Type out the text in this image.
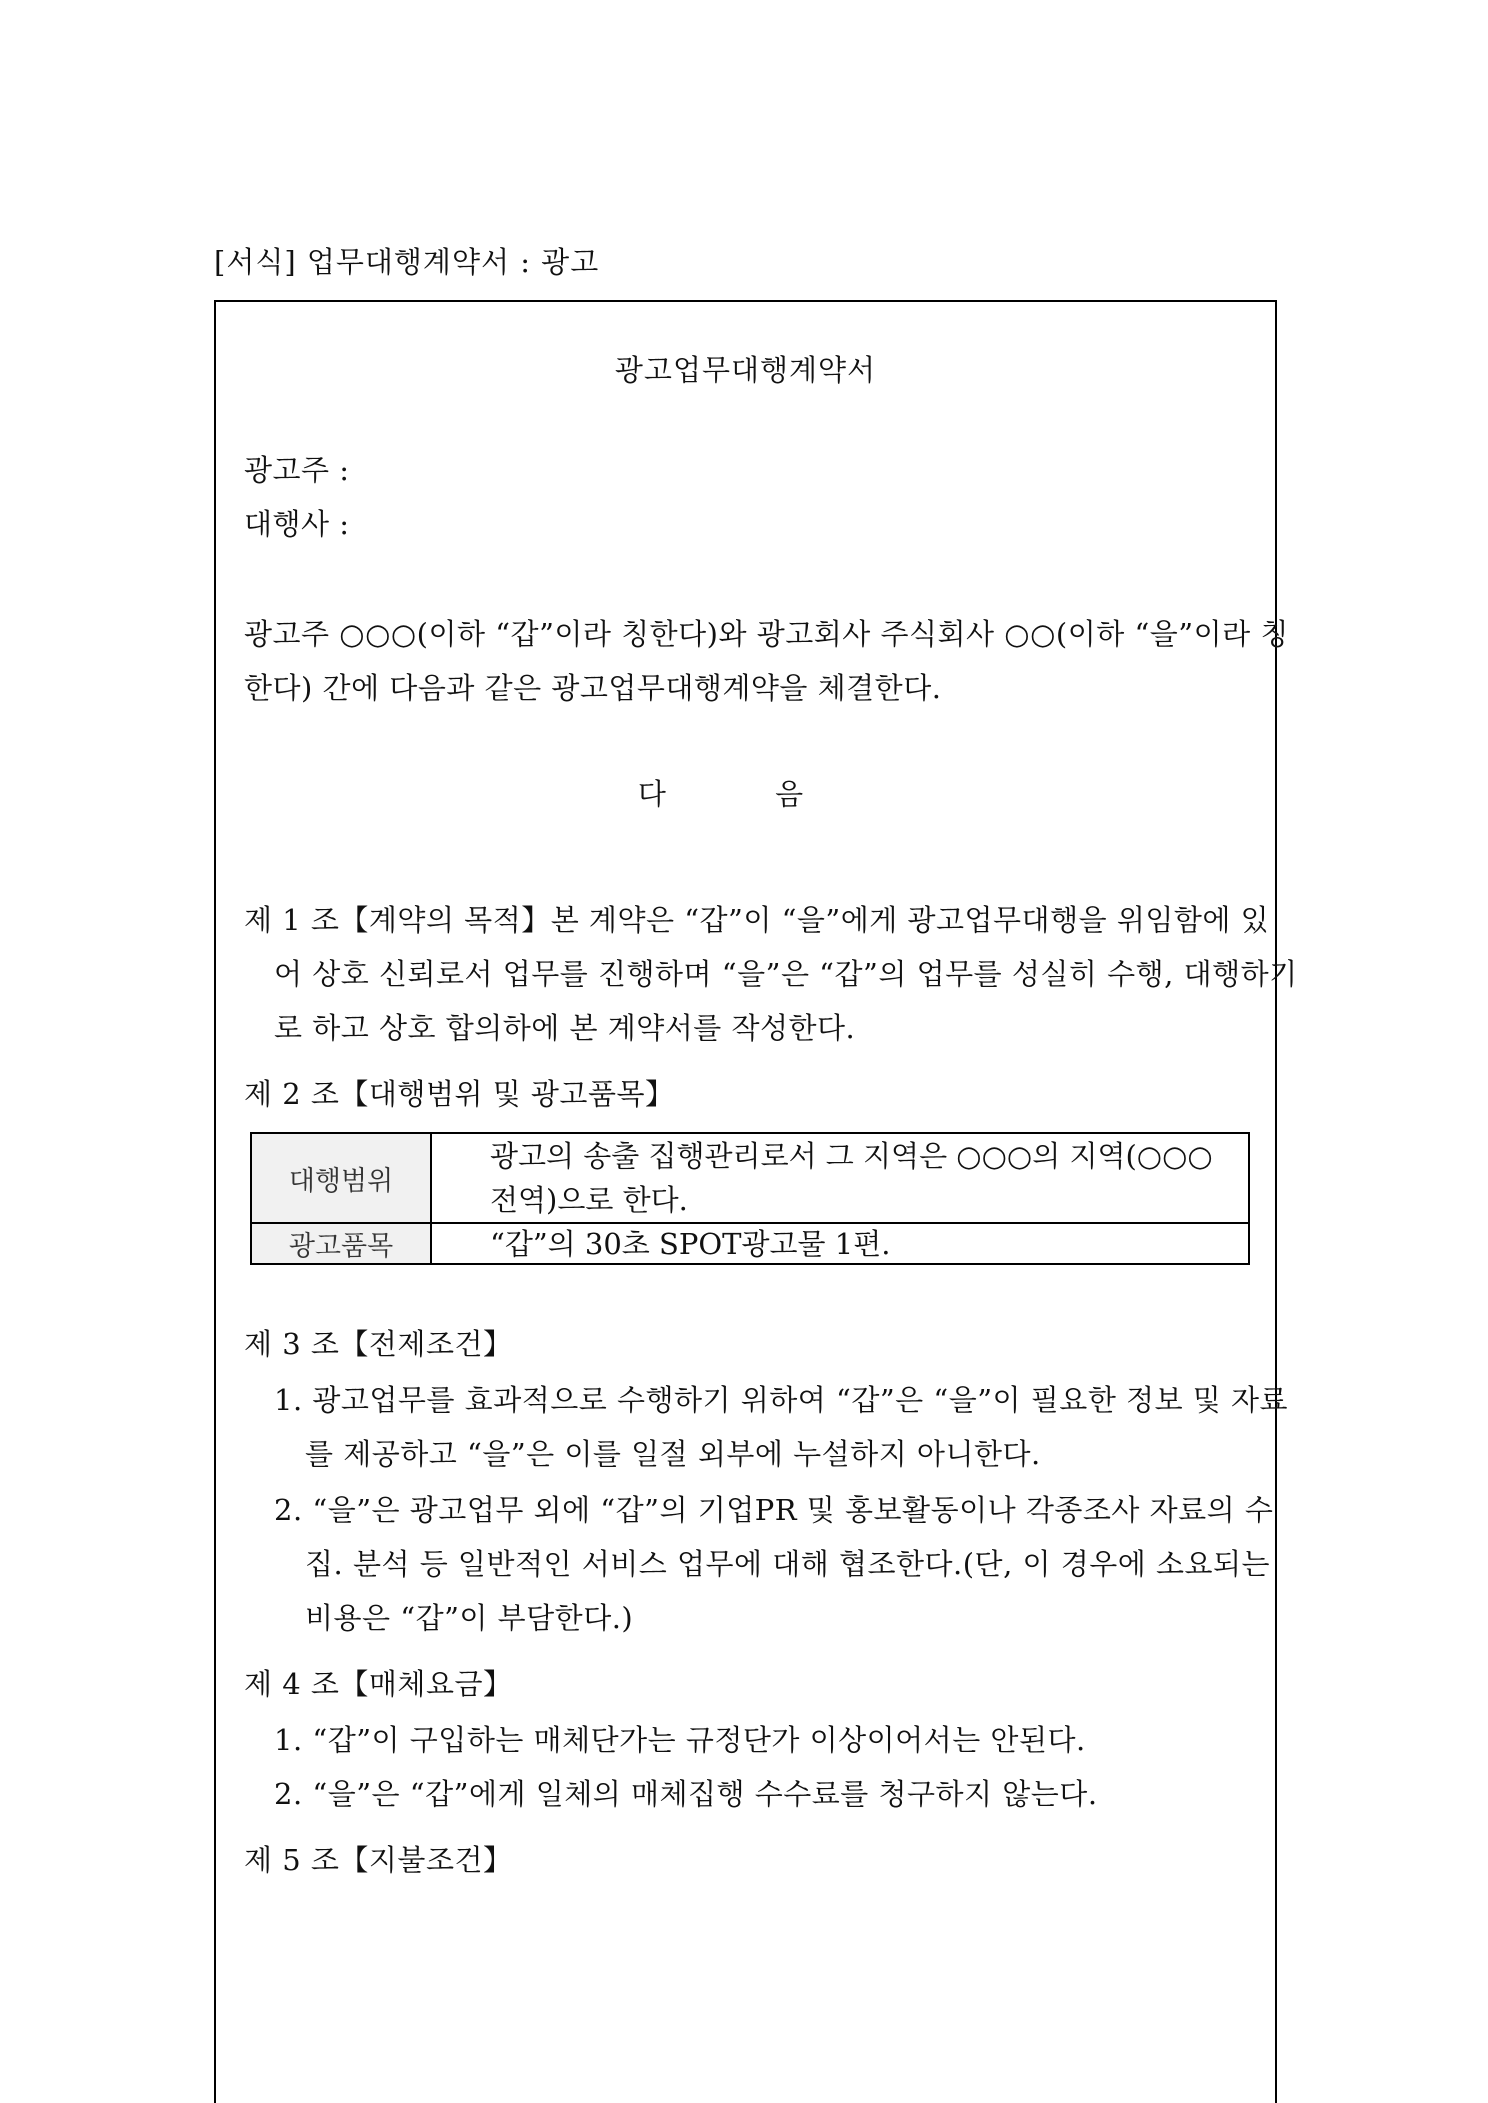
[서식] 업무대행계약서 : 광고
광고업무대행계약서
광고주 :
대행사 :
광고주 ○○○(이하 “갑”이라 칭한다)와 광고회사 주식회사 ○○(이하 “을”이라 칭
한다) 간에 다음과 같은 광고업무대행계약을 체결한다.
다 음
제 1 조【계약의 목적】본 계약은 “갑”이 “을”에게 광고업무대행을 위임함에 있
어 상호 신뢰로서 업무를 진행하며 “을”은 “갑”의 업무를 성실히 수행, 대행하기
로 하고 상호 합의하에 본 계약서를 작성한다.
제 2 조【대행범위 및 광고품목】
대행범위	광고의 송출 집행관리로서 그 지역은 ○○○의 지역(○○○
전역)으로 한다.

광고품목	“갑”의 30초 SPOT광고물 1편.
제 3 조【전제조건】
1. 광고업무를 효과적으로 수행하기 위하여 “갑”은 “을”이 필요한 정보 및 자료
를 제공하고 “을”은 이를 일절 외부에 누설하지 아니한다.
2. “을”은 광고업무 외에 “갑”의 기업PR 및 홍보활동이나 각종조사 자료의 수
집. 분석 등 일반적인 서비스 업무에 대해 협조한다.(단, 이 경우에 소요되는
비용은 “갑”이 부담한다.)
제 4 조【매체요금】
1. “갑”이 구입하는 매체단가는 규정단가 이상이어서는 안된다.
2. “을”은 “갑”에게 일체의 매체집행 수수료를 청구하지 않는다.
제 5 조【지불조건】
